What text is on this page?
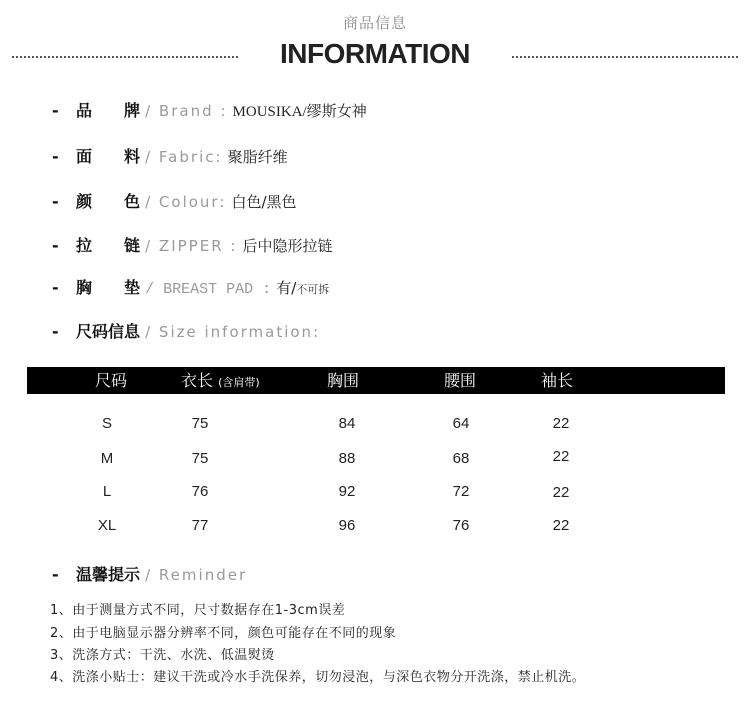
商品信息
INFORMATION
- 品　　牌 / Brand : MOUSIKA/缪斯女神
- 面　　料 / Fabric: 聚脂纤维
- 颜　　色 / Colour: 白色/黑色
- 拉　　链 / ZIPPER : 后中隐形拉链
- 胸　　垫 / BREAST PAD : 有/不可拆
- 尺码信息 / Size information:
尺码	衣长 (含肩带)	胸围	腰围	袖长
S	75	84	64	22
M	75	88	68	22
L	76	92	72	22
XL	77	96	76	22
- 温馨提示 / Reminder
1、由于测量方式不同，尺寸数据存在1-3cm误差
2、由于电脑显示器分辨率不同，颜色可能存在不同的现象
3、洗涤方式：干洗、水洗、低温熨烫
4、洗涤小贴士：建议干洗或冷水手洗保养，切勿浸泡，与深色衣物分开洗涤，禁止机洗。
